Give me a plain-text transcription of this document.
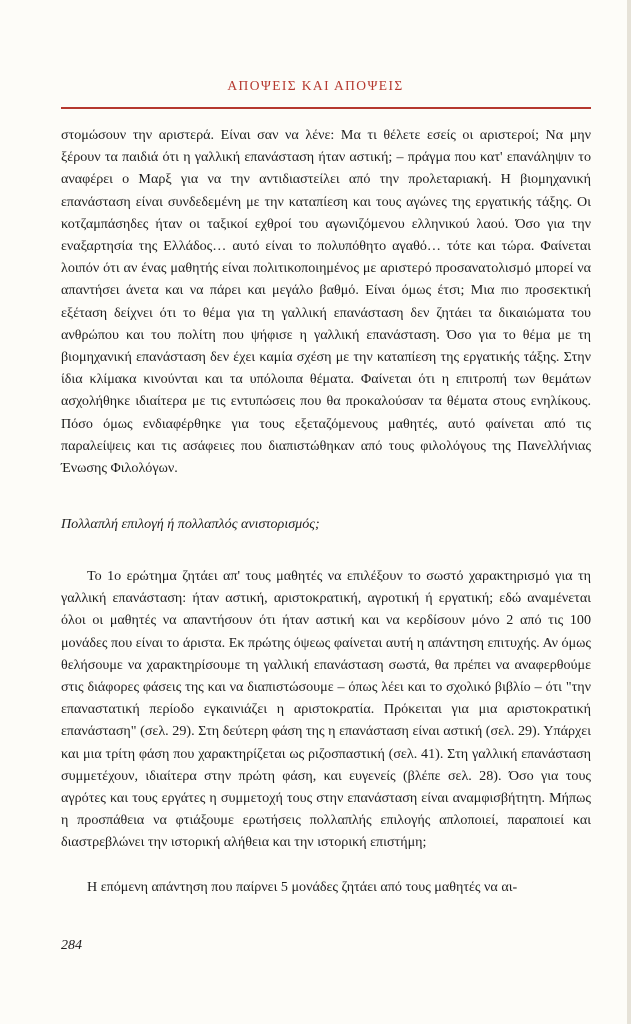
ΑΠΟΨΕΙΣ ΚΑΙ ΑΠΟΨΕΙΣ

στομώσουν την αριστερά. Είναι σαν να λένε: Μα τι θέλετε εσείς οι αριστεροί; Να μην ξέρουν τα παιδιά ότι η γαλλική επανάσταση ήταν αστική; – πράγμα που κατ' επανάληψιν το αναφέρει ο Μαρξ για να την αντιδιαστείλει από την προλεταριακή. Η βιομηχανική επανάσταση είναι συνδεδεμένη με την καταπίεση και τους αγώνες της εργατικής τάξης. Οι κοτζαμπάσηδες ήταν οι ταξικοί εχθροί του αγωνιζόμενου ελληνικού λαού. Όσο για την εναξαρτησία της Ελλάδος… αυτό είναι το πολυπόθητο αγαθό… τότε και τώρα. Φαίνεται λοιπόν ότι αν ένας μαθητής είναι πολιτικοποιημένος με αριστερό προσανατολισμό μπορεί να απαντήσει άνετα και να πάρει και μεγάλο βαθμό. Είναι όμως έτσι; Μια πιο προσεκτική εξέταση δείχνει ότι το θέμα για τη γαλλική επανάσταση δεν ζητάει τα δικαιώματα του ανθρώπου και του πολίτη που ψήφισε η γαλλική επανάσταση. Όσο για το θέμα με τη βιομηχανική επανάσταση δεν έχει καμία σχέση με την καταπίεση της εργατικής τάξης. Στην ίδια κλίμακα κινούνται και τα υπόλοιπα θέματα. Φαίνεται ότι η επιτροπή των θεμάτων ασχολήθηκε ιδιαίτερα με τις εντυπώσεις που θα προκαλούσαν τα θέματα στους ενηλίκους. Πόσο όμως ενδιαφέρθηκε για τους εξεταζόμενους μαθητές, αυτό φαίνεται από τις παραλείψεις και τις ασάφειες που διαπιστώθηκαν από τους φιλολόγους της Πανελλήνιας Ένωσης Φιλολόγων.

Πολλαπλή επιλογή ή πολλαπλός ανιστορισμός;

Το 1ο ερώτημα ζητάει απ' τους μαθητές να επιλέξουν το σωστό χαρακτηρισμό για τη γαλλική επανάσταση: ήταν αστική, αριστοκρατική, αγροτική ή εργατική; εδώ αναμένεται όλοι οι μαθητές να απαντήσουν ότι ήταν αστική και να κερδίσουν μόνο 2 από τις 100 μονάδες που είναι το άριστα. Εκ πρώτης όψεως φαίνεται αυτή η απάντηση επιτυχής. Αν όμως θελήσουμε να χαρακτηρίσουμε τη γαλλική επανάσταση σωστά, θα πρέπει να αναφερθούμε στις διάφορες φάσεις της και να διαπιστώσουμε – όπως λέει και το σχολικό βιβλίο – ότι "την επαναστατική περίοδο εγκαινιάζει η αριστοκρατία. Πρόκειται για μια αριστοκρατική επανάσταση" (σελ. 29). Στη δεύτερη φάση της η επανάσταση είναι αστική (σελ. 29). Υπάρχει και μια τρίτη φάση που χαρακτηρίζεται ως ριζοσπαστική (σελ. 41). Στη γαλλική επανάσταση συμμετέχουν, ιδιαίτερα στην πρώτη φάση, και ευγενείς (βλέπε σελ. 28). Όσο για τους αγρότες και τους εργάτες η συμμετοχή τους στην επανάσταση είναι αναμφισβήτητη. Μήπως η προσπάθεια να φτιάξουμε ερωτήσεις πολλαπλής επιλογής απλοποιεί, παραποιεί και διαστρεβλώνει την ιστορική αλήθεια και την ιστορική επιστήμη;

Η επόμενη απάντηση που παίρνει 5 μονάδες ζητάει από τους μαθητές να αι-

284
